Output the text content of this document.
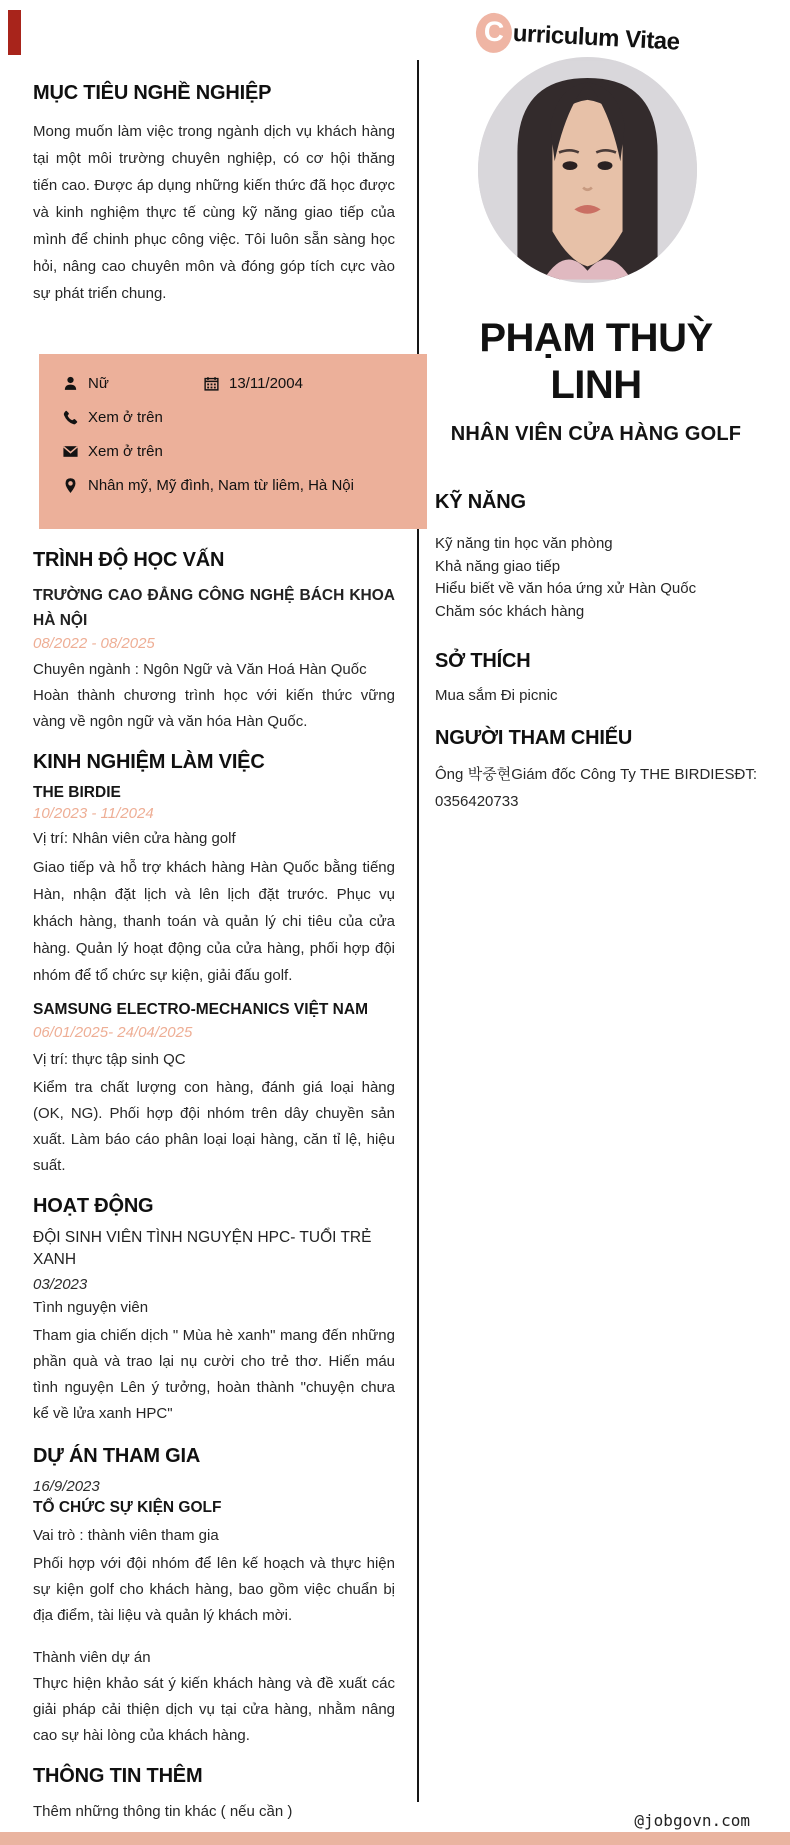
C urriculum Vitae
MỤC TIÊU NGHỀ NGHIỆP

Mong muốn làm việc trong ngành dịch vụ khách hàng tại một môi trường chuyên nghiệp, có cơ hội thăng tiến cao. Được áp dụng những kiến thức đã học được và kinh nghiệm thực tế cùng kỹ năng giao tiếp của mình để chinh phục công việc. Tôi luôn sẵn sàng học hỏi, nâng cao chuyên môn và đóng góp tích cực vào sự phát triển chung.

Nữ	13/11/2004
Xem ở trên
Xem ở trên
Nhân mỹ, Mỹ đình, Nam từ liêm, Hà Nội
TRÌNH ĐỘ HỌC VẤN
TRƯỜNG CAO ĐẲNG CÔNG NGHỆ BÁCH KHOA HÀ NỘI
08/2022 - 08/2025
Chuyên ngành : Ngôn Ngữ và Văn Hoá Hàn Quốc
Hoàn thành chương trình học với kiến thức vững vàng về ngôn ngữ và văn hóa Hàn Quốc.
KINH NGHIỆM LÀM VIỆC
THE BIRDIE
10/2023 - 11/2024
Vị trí: Nhân viên cửa hàng golf

Giao tiếp và hỗ trợ khách hàng Hàn Quốc bằng tiếng Hàn, nhận đặt lịch và lên lịch đặt trước. Phục vụ khách hàng, thanh toán và quản lý chi tiêu của cửa hàng. Quản lý hoạt động của cửa hàng, phối hợp đội nhóm để tổ chức sự kiện, giải đấu golf.

SAMSUNG ELECTRO-MECHANICS VIỆT NAM
06/01/2025- 24/04/2025
Vị trí: thực tập sinh QC

Kiểm tra chất lượng con hàng, đánh giá loại hàng (OK, NG). Phối hợp đội nhóm trên dây chuyền sản xuất. Làm báo cáo phân loại loại hàng, căn tỉ lệ, hiệu suất.

HOẠT ĐỘNG
ĐỘI SINH VIÊN TÌNH NGUYỆN HPC- TUỔI TRẺ XANH
03/2023
Tình nguyện viên

Tham gia chiến dịch " Mùa hè xanh" mang đến những phần quà và trao lại nụ cười cho trẻ thơ. Hiến máu tình nguyện Lên ý tưởng, hoàn thành "chuyện chưa kể về lửa xanh HPC"

DỰ ÁN THAM GIA
16/9/2023
TỔ CHỨC SỰ KIỆN GOLF
Vai trò : thành viên tham gia

Phối hợp với đội nhóm để lên kế hoạch và thực hiện sự kiện golf cho khách hàng, bao gồm việc chuẩn bị địa điểm, tài liệu và quản lý khách mời.

Thành viên dự án

Thực hiện khảo sát ý kiến khách hàng và đề xuất các giải pháp cải thiện dịch vụ tại cửa hàng, nhằm nâng cao sự hài lòng của khách hàng.

THÔNG TIN THÊM
Thêm những thông tin khác ( nếu cần )
PHẠM THUỲ LINH
NHÂN VIÊN CỬA HÀNG GOLF
KỸ NĂNG
Kỹ năng tin học văn phòng
Khả năng giao tiếp
Hiểu biết về văn hóa ứng xử Hàn Quốc
Chăm sóc khách hàng
SỞ THÍCH
Mua sắm Đi picnic
NGƯỜI THAM CHIẾU
Ông 박중현Giám đốc Công Ty THE BIRDIESĐT: 0356420733
@jobgovn.com
